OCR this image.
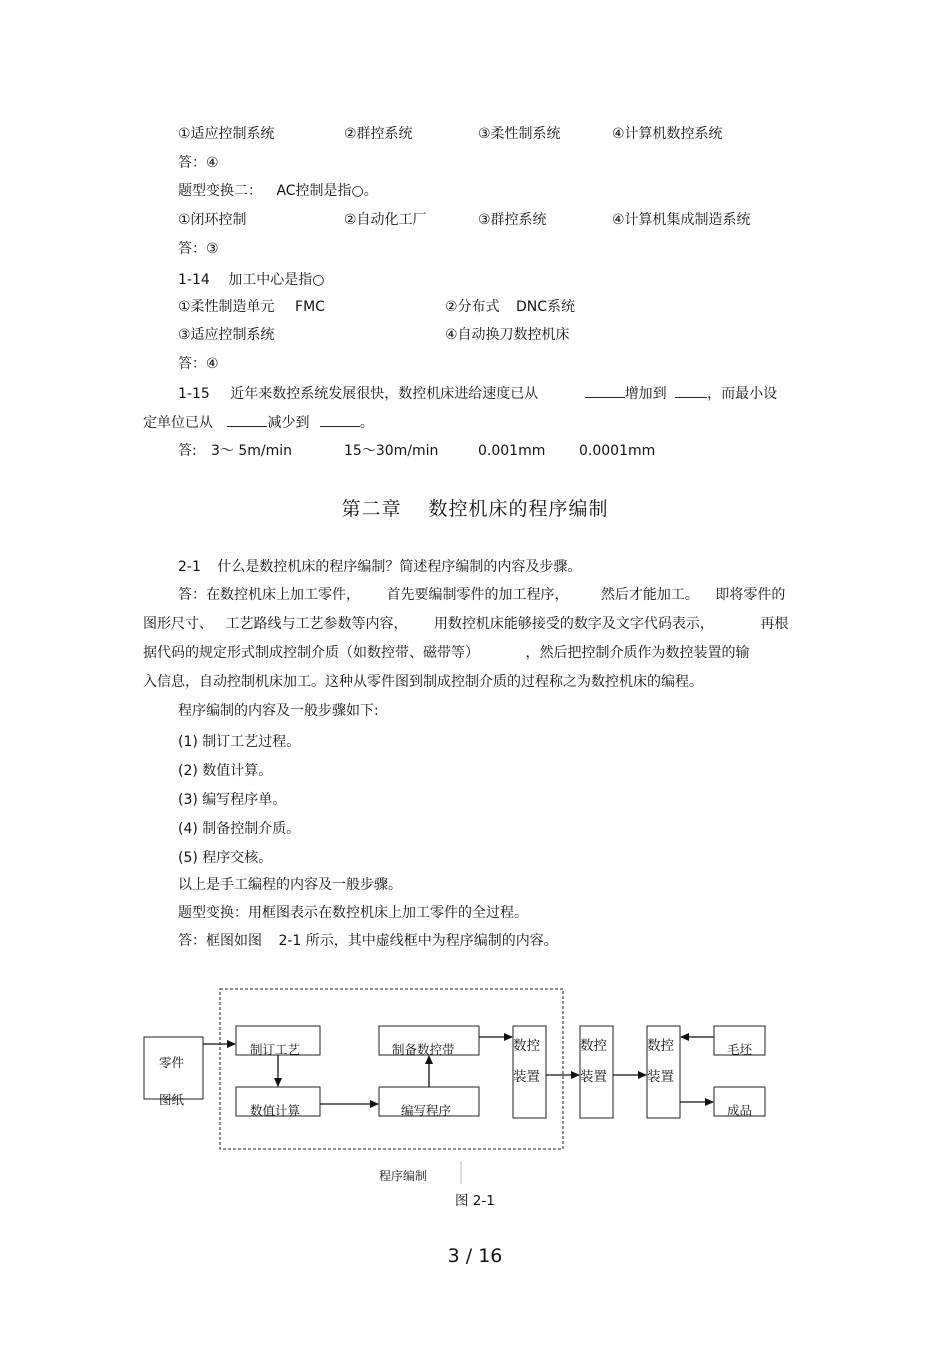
①适应控制系统	②群控系统	③柔性制系统	④计算机数控系统
答：④
题型变换二： AC控制是指○。
①闭环控制	②自动化工厂	③群控系统	④计算机集成制造系统
答：③
1-14 加工中心是指○
①柔性制造单元 FMC	②分布式 DNC系统
③适应控制系统	④自动换刀数控机床
答：④
1-15 近年来数控系统发展很快，数控机床进给速度已从	增加到	，而最小设
定单位已从	减少到	。
答: 3～ 5m/min	15～30m/min	0.001mm 0.0001mm
第二章　 数控机床的程序编制
2-1 什么是数控机床的程序编制？简述程序编制的内容及步骤。
答：在数控机床上加工零件， 首先要编制零件的加工程序， 然后才能加工。 即将零件的
图形尺寸、 工艺路线与工艺参数等内容， 用数控机床能够接受的数字及文字代码表示，	再根
据代码的规定形式制成控制介质（如数控带、磁带等）	，然后把控制介质作为数控装置的输
入信息，自动控制机床加工。这种从零件图到制成控制介质的过程称之为数控机床的编程。
程序编制的内容及一般步骤如下:
(1) 制订工艺过程。
(2) 数值计算。
(3) 编写程序单。
(4) 制备控制介质。
(5) 程序交核。
以上是手工编程的内容及一般步骤。
题型变换：用框图表示在数控机床上加工零件的全过程。
答：框图如图 2-1 所示，其中虚线框中为程序编制的内容。
零件
图纸
制订工艺
数值计算
制备数控带
编写程序
数控
装置
数控
装置
数控
装置
毛坯
成品
程序编制
图 2-1
3 / 16
